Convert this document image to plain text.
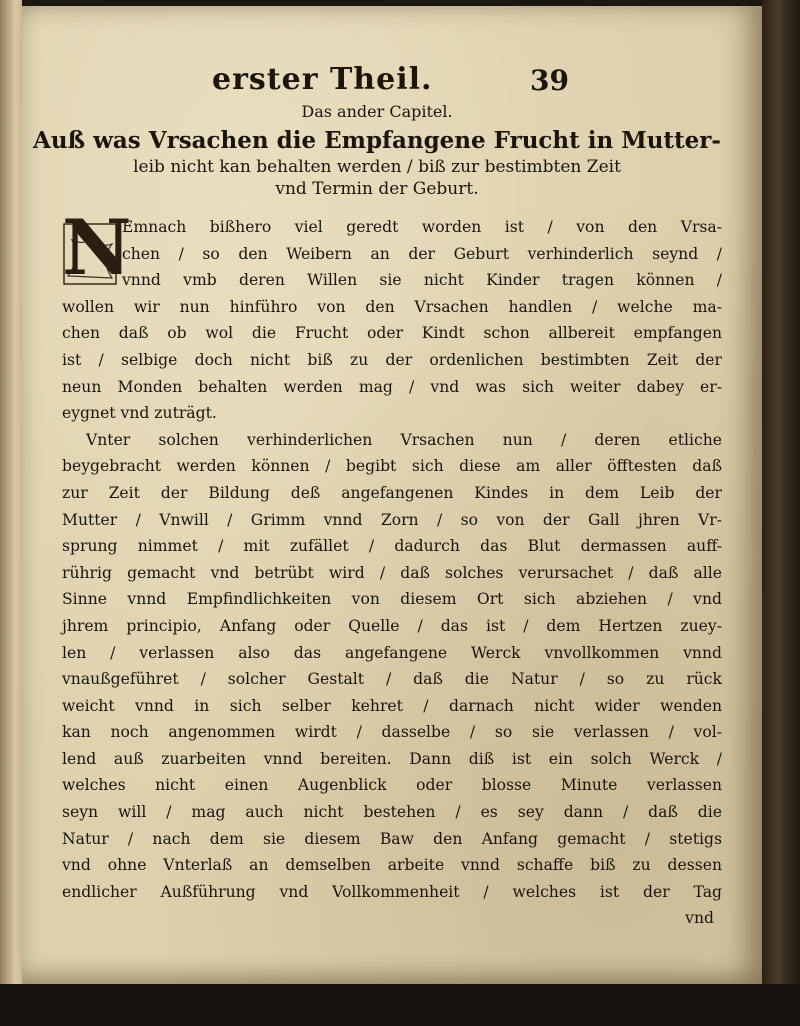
erster Theil.	39
Das ander Capitel.
Auß was Vrsachen die Empfangene Frucht in Mutter-
leib nicht kan behalten werden / biß zur bestimbten Zeit
vnd Termin der Geburt.
N
Emnach bißhero viel geredt worden ist / von den Vrsa-
chen / so den Weibern an der Geburt verhinderlich seynd /
vnnd vmb deren Willen sie nicht Kinder tragen können /
wollen wir nun hinführo von den Vrsachen handlen / welche ma-
chen daß ob wol die Frucht oder Kindt schon allbereit empfangen
ist / selbige doch nicht biß zu der ordenlichen bestimbten Zeit der
neun Monden behalten werden mag / vnd was sich weiter dabey er-
eygnet vnd zuträgt.
Vnter solchen verhinderlichen Vrsachen nun / deren etliche
beygebracht werden können / begibt sich diese am aller öfftesten daß
zur Zeit der Bildung deß angefangenen Kindes in dem Leib der
Mutter / Vnwill / Grimm vnnd Zorn / so von der Gall jhren Vr-
sprung nimmet / mit zufället / dadurch das Blut dermassen auff-
rührig gemacht vnd betrübt wird / daß solches verursachet / daß alle
Sinne vnnd Empfindlichkeiten von diesem Ort sich abziehen / vnd
jhrem principio, Anfang oder Quelle / das ist / dem Hertzen zuey-
len / verlassen also das angefangene Werck vnvollkommen vnnd
vnaußgeführet / solcher Gestalt / daß die Natur / so zu rück
weicht vnnd in sich selber kehret / darnach nicht wider wenden
kan noch angenommen wirdt / dasselbe / so sie verlassen / vol-
lend auß zuarbeiten vnnd bereiten. Dann diß ist ein solch Werck /
welches nicht einen Augenblick oder blosse Minute verlassen
seyn will / mag auch nicht bestehen / es sey dann / daß die
Natur / nach dem sie diesem Baw den Anfang gemacht / stetigs
vnd ohne Vnterlaß an demselben arbeite vnnd schaffe biß zu dessen
endlicher Außführung vnd Vollkommenheit / welches ist der Tag
vnd
